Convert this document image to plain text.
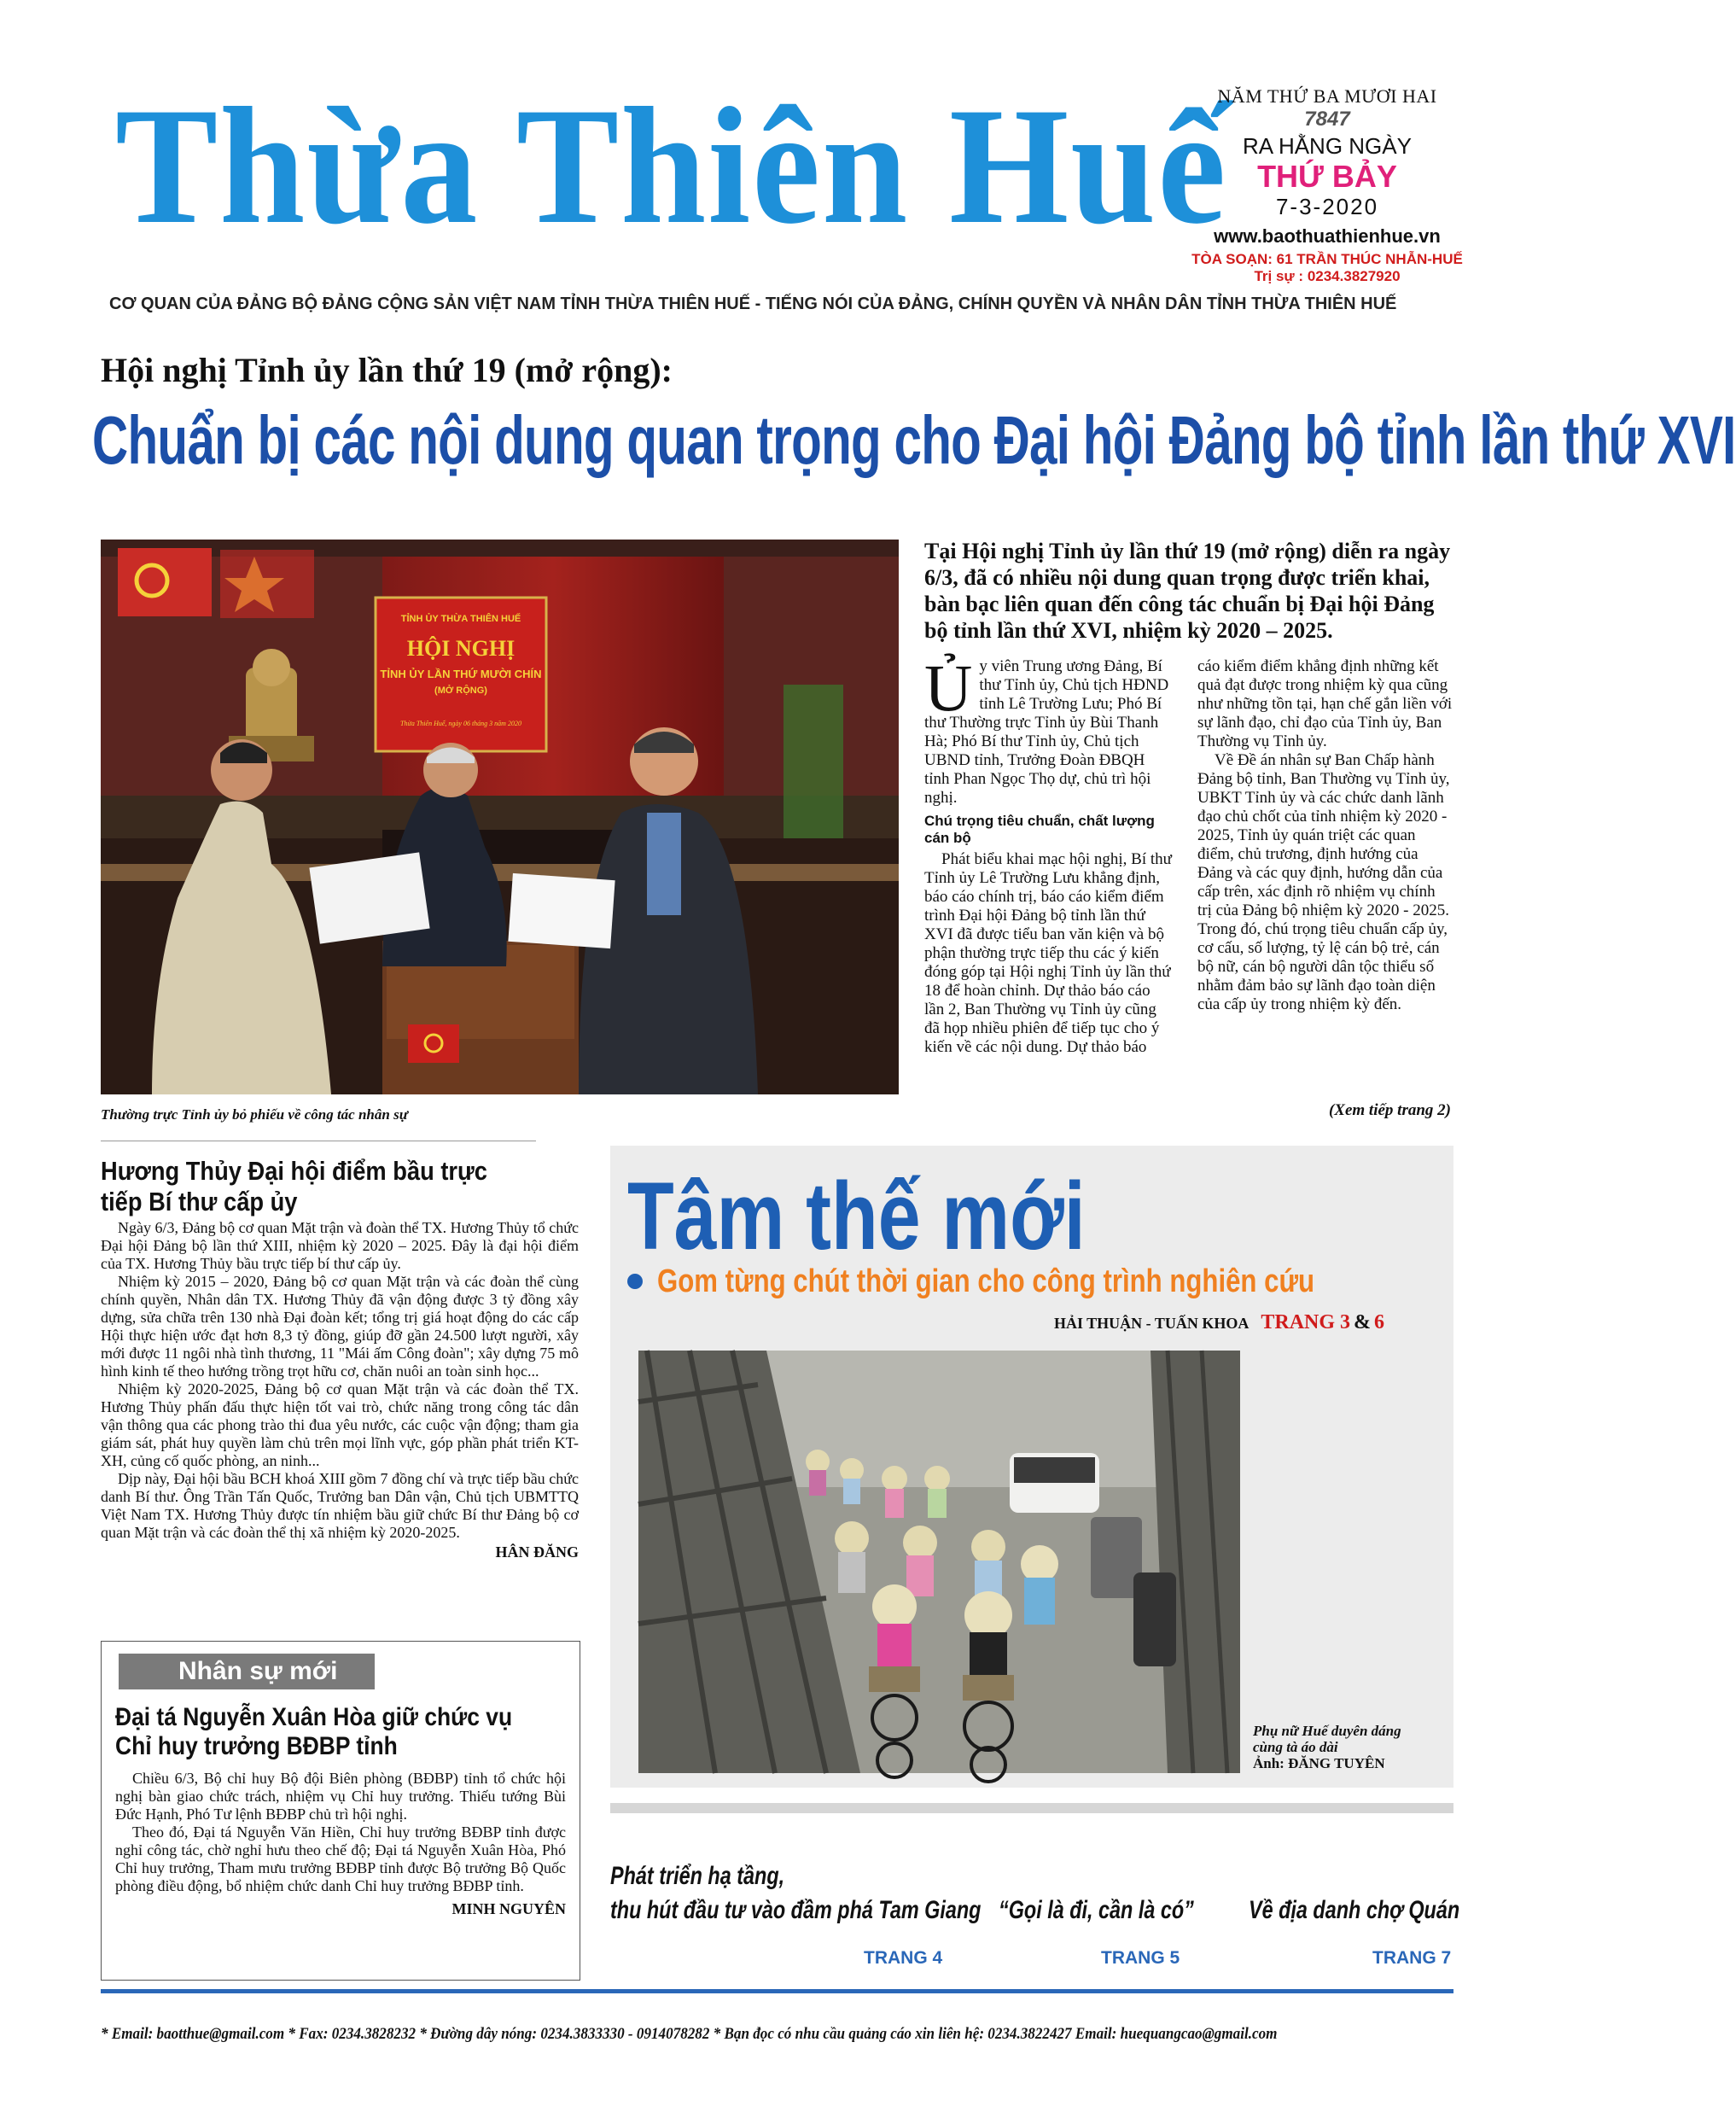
Thừa Thiên Huế
NĂM THỨ BA MƯƠI HAI
7847
RA HẰNG NGÀY
THỨ BẢY
7-3-2020
www.baothuathienhue.vn
TÒA SOẠN: 61 TRẦN THÚC NHẪN-HUẾ
Trị sự : 0234.3827920
CƠ QUAN CỦA ĐẢNG BỘ ĐẢNG CỘNG SẢN VIỆT NAM TỈNH THỪA THIÊN HUẾ - TIẾNG NÓI CỦA ĐẢNG, CHÍNH QUYỀN VÀ NHÂN DÂN TỈNH THỪA THIÊN HUẾ
Hội nghị Tỉnh ủy lần thứ 19 (mở rộng):
Chuẩn bị các nội dung quan trọng cho Đại hội Đảng bộ tỉnh lần thứ XVI
TỈNH ỦY THỪA THIÊN HUẾ
HỘI NGHỊ
TỈNH ỦY LẦN THỨ MƯỜI CHÍN
(MỞ RỘNG)
Thừa Thiên Huế, ngày 06 tháng 3 năm 2020
Thường trực Tỉnh ủy bỏ phiếu về công tác nhân sự
Tại Hội nghị Tỉnh ủy lần thứ 19 (mở rộng) diễn ra ngày 6/3, đã có nhiều nội dung quan trọng được triển khai, bàn bạc liên quan đến công tác chuẩn bị Đại hội Đảng bộ tỉnh lần thứ XVI, nhiệm kỳ 2020 – 2025.
Ủy viên Trung ương Đảng, Bí thư Tỉnh ủy, Chủ tịch HĐND tỉnh Lê Trường Lưu; Phó Bí thư Thường trực Tỉnh ủy Bùi Thanh Hà; Phó Bí thư Tỉnh ủy, Chủ tịch UBND tỉnh, Trưởng Đoàn ĐBQH tỉnh Phan Ngọc Thọ dự, chủ trì hội nghị.
Chú trọng tiêu chuẩn, chất lượng cán bộ

Phát biểu khai mạc hội nghị, Bí thư Tỉnh ủy Lê Trường Lưu khẳng định, báo cáo chính trị, báo cáo kiểm điểm trình Đại hội Đảng bộ tỉnh lần thứ XVI đã được tiểu ban văn kiện và bộ phận thường trực tiếp thu các ý kiến đóng góp tại Hội nghị Tỉnh ủy lần thứ 18 để hoàn chỉnh. Dự thảo báo cáo lần 2, Ban Thường vụ Tỉnh ủy cũng đã họp nhiều phiên để tiếp tục cho ý kiến về các nội dung. Dự thảo báo

cáo kiểm điểm khẳng định những kết quả đạt được trong nhiệm kỳ qua cũng như những tồn tại, hạn chế gắn liền với sự lãnh đạo, chỉ đạo của Tỉnh ủy, Ban Thường vụ Tỉnh ủy.

Về Đề án nhân sự Ban Chấp hành Đảng bộ tỉnh, Ban Thường vụ Tỉnh ủy, UBKT Tỉnh ủy và các chức danh lãnh đạo chủ chốt của tỉnh nhiệm kỳ 2020 - 2025, Tỉnh ủy quán triệt các quan điểm, chủ trương, định hướng của Đảng và các quy định, hướng dẫn của cấp trên, xác định rõ nhiệm vụ chính trị của Đảng bộ nhiệm kỳ 2020 - 2025. Trong đó, chú trọng tiêu chuẩn cấp ủy, cơ cấu, số lượng, tỷ lệ cán bộ trẻ, cán bộ nữ, cán bộ người dân tộc thiểu số nhằm đảm bảo sự lãnh đạo toàn diện của cấp ủy trong nhiệm kỳ đến.

(Xem tiếp trang 2)
Hương Thủy Đại hội điểm bầu trực tiếp Bí thư cấp ủy

Ngày 6/3, Đảng bộ cơ quan Mặt trận và đoàn thể TX. Hương Thủy tổ chức Đại hội Đảng bộ lần thứ XIII, nhiệm kỳ 2020 – 2025. Đây là đại hội điểm của TX. Hương Thủy bầu trực tiếp bí thư cấp ủy.

Nhiệm kỳ 2015 – 2020, Đảng bộ cơ quan Mặt trận và các đoàn thể cùng chính quyền, Nhân dân TX. Hương Thủy đã vận động được 3 tỷ đồng xây dựng, sửa chữa trên 130 nhà Đại đoàn kết; tổng trị giá hoạt động do các cấp Hội thực hiện ước đạt hơn 8,3 tỷ đồng, giúp đỡ gần 24.500 lượt người, xây mới được 11 ngôi nhà tình thương, 11 "Mái ấm Công đoàn"; xây dựng 75 mô hình kinh tế theo hướng trồng trọt hữu cơ, chăn nuôi an toàn sinh học...

Nhiệm kỳ 2020-2025, Đảng bộ cơ quan Mặt trận và các đoàn thể TX. Hương Thủy phấn đấu thực hiện tốt vai trò, chức năng trong công tác dân vận thông qua các phong trào thi đua yêu nước, các cuộc vận động; tham gia giám sát, phát huy quyền làm chủ trên mọi lĩnh vực, góp phần phát triển KT-XH, củng cố quốc phòng, an ninh...

Dịp này, Đại hội bầu BCH khoá XIII gồm 7 đồng chí và trực tiếp bầu chức danh Bí thư. Ông Trần Tấn Quốc, Trưởng ban Dân vận, Chủ tịch UBMTTQ Việt Nam TX. Hương Thủy được tín nhiệm bầu giữ chức Bí thư Đảng bộ cơ quan Mặt trận và các đoàn thể thị xã nhiệm kỳ 2020-2025.

HÂN ĐĂNG
Nhân sự mới
Đại tá Nguyễn Xuân Hòa giữ chức vụ Chỉ huy trưởng BĐBP tỉnh

Chiều 6/3, Bộ chỉ huy Bộ đội Biên phòng (BĐBP) tỉnh tổ chức hội nghị bàn giao chức trách, nhiệm vụ Chỉ huy trưởng. Thiếu tướng Bùi Đức Hạnh, Phó Tư lệnh BĐBP chủ trì hội nghị.

Theo đó, Đại tá Nguyễn Văn Hiền, Chỉ huy trưởng BĐBP tỉnh được nghỉ công tác, chờ nghỉ hưu theo chế độ; Đại tá Nguyễn Xuân Hòa, Phó Chỉ huy trưởng, Tham mưu trưởng BĐBP tỉnh được Bộ trưởng Bộ Quốc phòng điều động, bổ nhiệm chức danh Chỉ huy trưởng BĐBP tỉnh.

MINH NGUYÊN
Tâm thế mới
Gom từng chút thời gian cho công trình nghiên cứu
HẢI THUẬN - TUẤN KHOA TRANG 3 & 6
Phụ nữ Huế duyên dáng
cùng tà áo dài
Ảnh: ĐĂNG TUYÊN
Phát triển hạ tầng,
thu hút đầu tư vào đầm phá Tam Giang
TRANG 4
“Gọi là đi, cần là có”
TRANG 5
Về địa danh chợ Quán
TRANG 7
* Email: baotthue@gmail.com * Fax: 0234.3828232 * Đường dây nóng: 0234.3833330 - 0914078282 * Bạn đọc có nhu cầu quảng cáo xin liên hệ: 0234.3822427 Email: huequangcao@gmail.com
